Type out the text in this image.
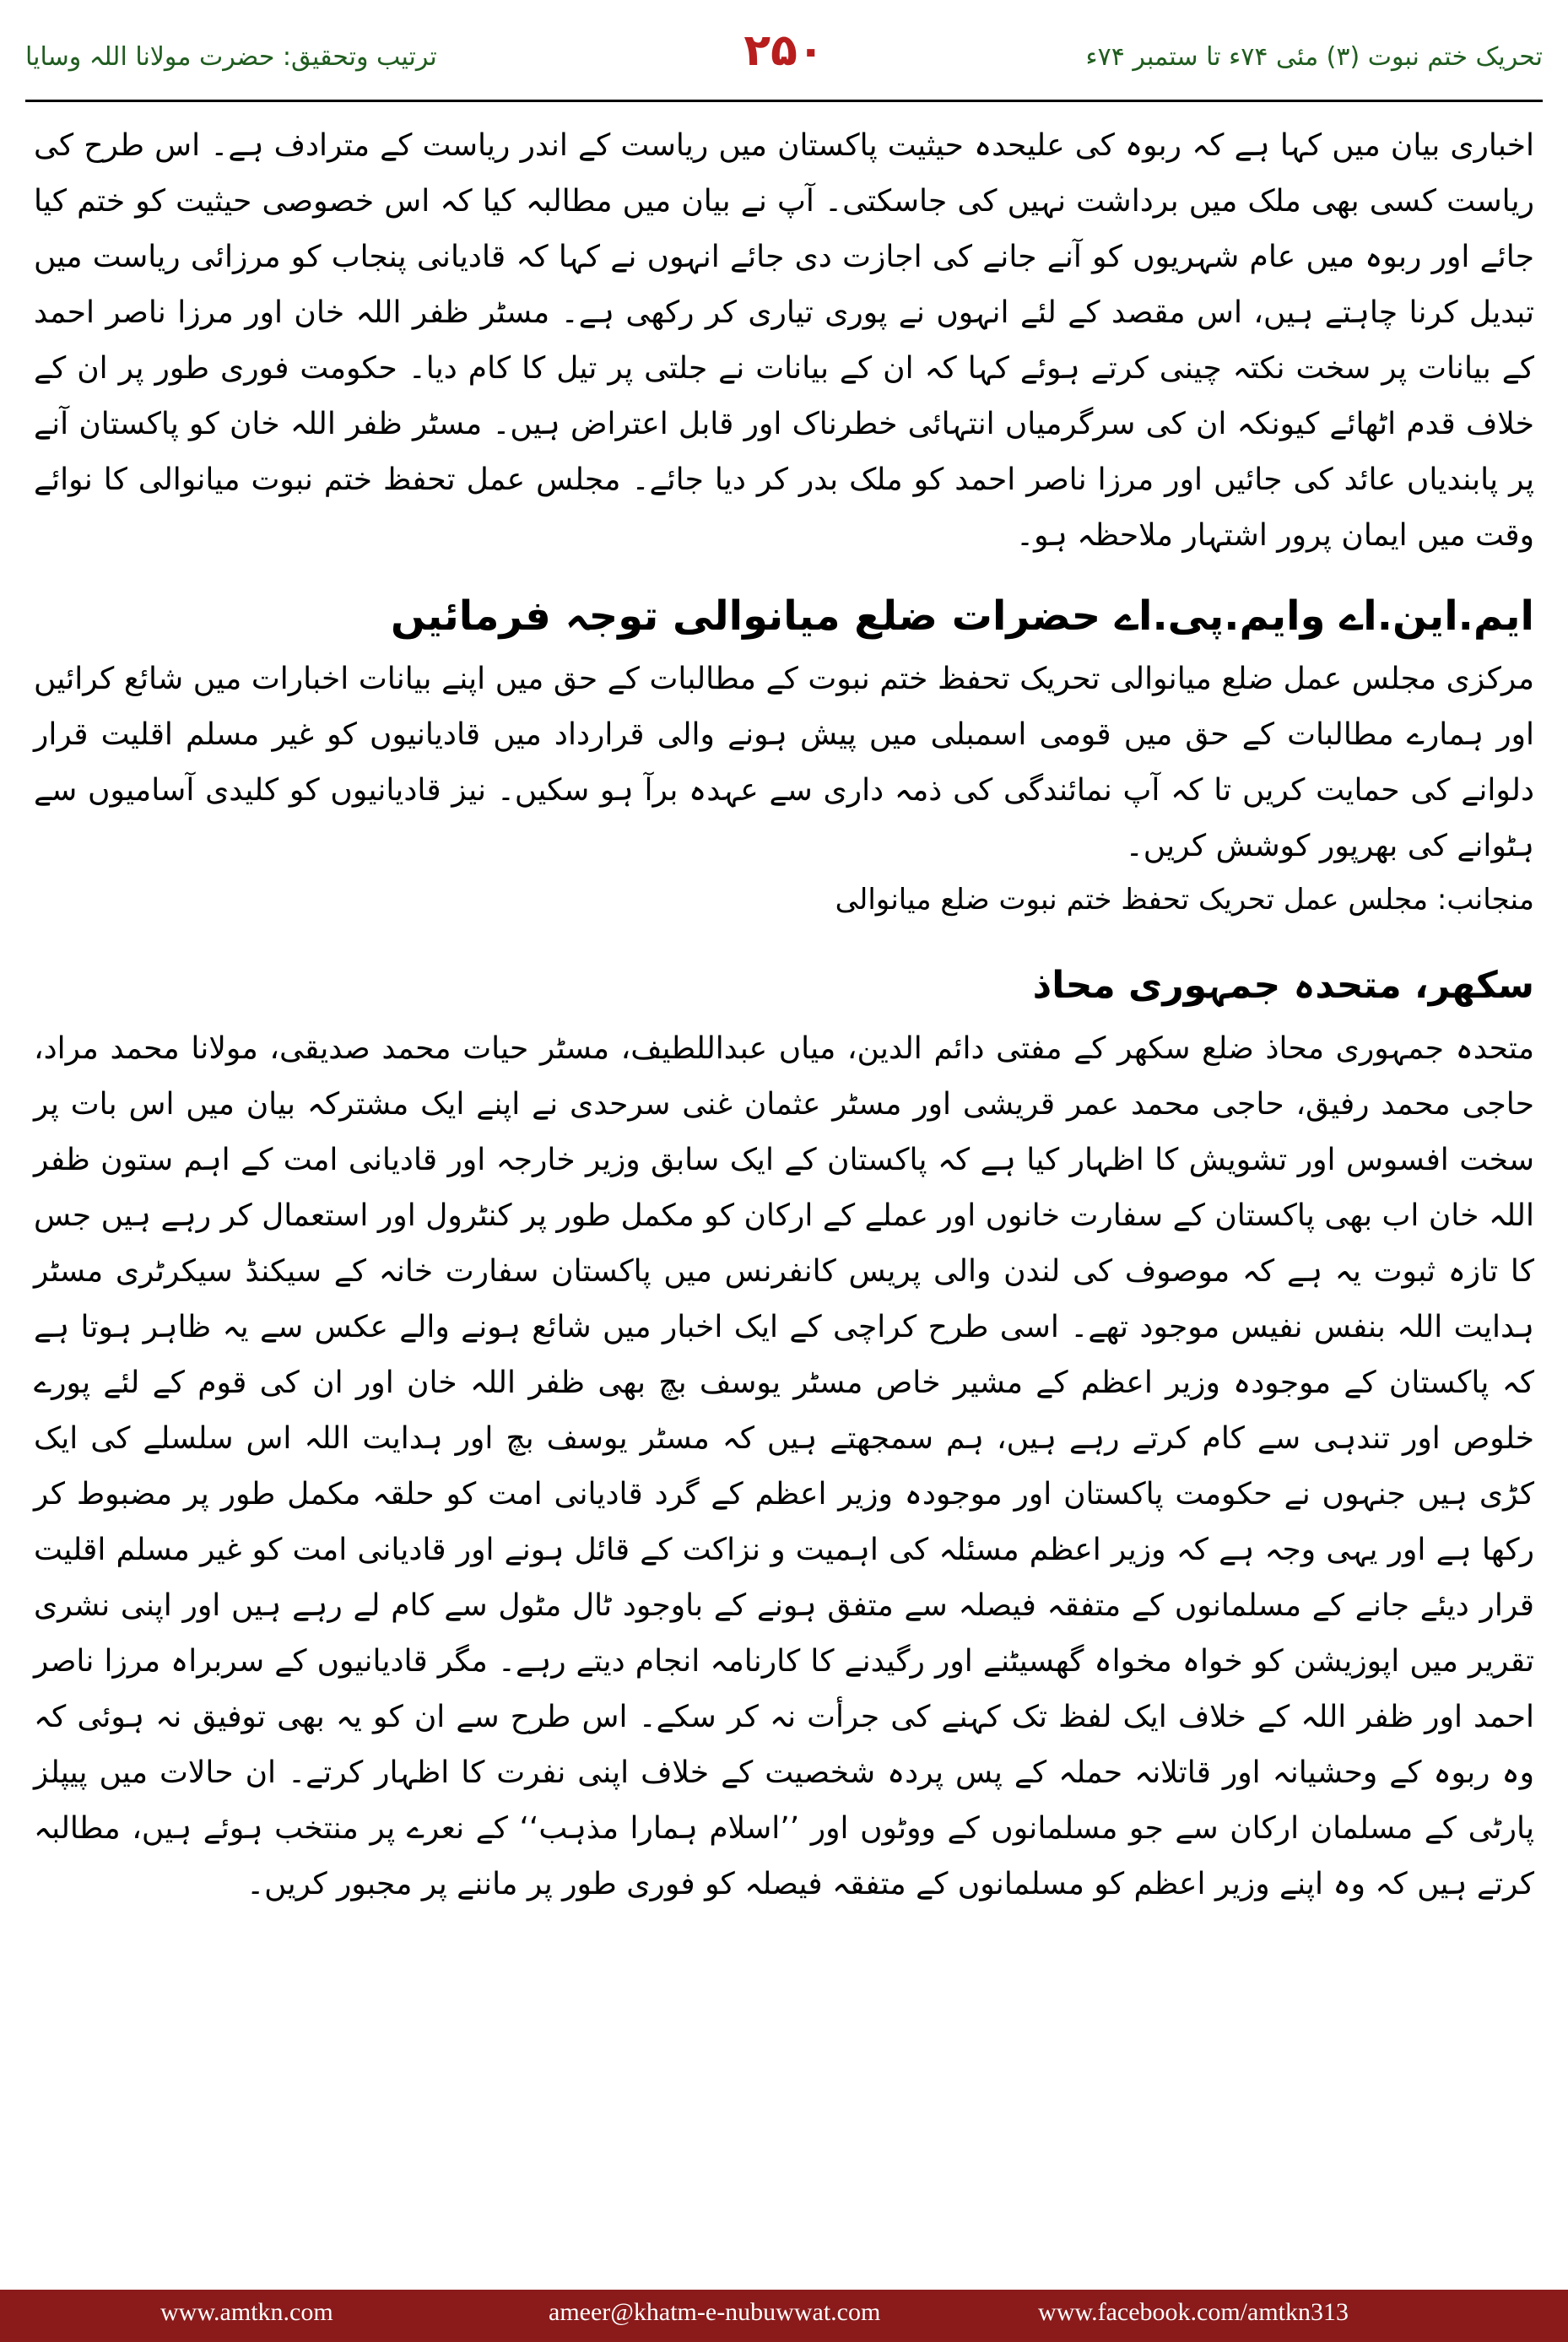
ترتیب وتحقیق: حضرت مولانا اللہ وسایا	۲۵۰	تحریک ختم نبوت (۳) مئی ۷۴ء تا ستمبر ۷۴ء

اخباری بیان میں کہا ہے کہ ربوہ کی علیحدہ حیثیت پاکستان میں ریاست کے اندر ریاست کے مترادف ہے۔ اس طرح کی ریاست کسی بھی ملک میں برداشت نہیں کی جاسکتی۔ آپ نے بیان میں مطالبہ کیا کہ اس خصوصی حیثیت کو ختم کیا جائے اور ربوہ میں عام شہریوں کو آنے جانے کی اجازت دی جائے انہوں نے کہا کہ قادیانی پنجاب کو مرزائی ریاست میں تبدیل کرنا چاہتے ہیں، اس مقصد کے لئے انہوں نے پوری تیاری کر رکھی ہے۔ مسٹر ظفر اللہ خان اور مرزا ناصر احمد کے بیانات پر سخت نکتہ چینی کرتے ہوئے کہا کہ ان کے بیانات نے جلتی پر تیل کا کام دیا۔ حکومت فوری طور پر ان کے خلاف قدم اٹھائے کیونکہ ان کی سرگرمیاں انتہائی خطرناک اور قابل اعتراض ہیں۔ مسٹر ظفر اللہ خان کو پاکستان آنے پر پابندیاں عائد کی جائیں اور مرزا ناصر احمد کو ملک بدر کر دیا جائے۔ مجلس عمل تحفظ ختم نبوت میانوالی کا نوائے وقت میں ایمان پرور اشتہار ملاحظہ ہو۔

ایم.این.اے وایم.پی.اے حضرات ضلع میانوالی توجہ فرمائیں

مرکزی مجلس عمل ضلع میانوالی تحریک تحفظ ختم نبوت کے مطالبات کے حق میں اپنے بیانات اخبارات میں شائع کرائیں اور ہمارے مطالبات کے حق میں قومی اسمبلی میں پیش ہونے والی قرارداد میں قادیانیوں کو غیر مسلم اقلیت قرار دلوانے کی حمایت کریں تا کہ آپ نمائندگی کی ذمہ داری سے عہدہ برآ ہو سکیں۔ نیز قادیانیوں کو کلیدی آسامیوں سے ہٹوانے کی بھرپور کوشش کریں۔

منجانب: مجلس عمل تحریک تحفظ ختم نبوت ضلع میانوالی

سکھر، متحدہ جمہوری محاذ

متحدہ جمہوری محاذ ضلع سکھر کے مفتی دائم الدین، میاں عبداللطیف، مسٹر حیات محمد صدیقی، مولانا محمد مراد، حاجی محمد رفیق، حاجی محمد عمر قریشی اور مسٹر عثمان غنی سرحدی نے اپنے ایک مشترکہ بیان میں اس بات پر سخت افسوس اور تشویش کا اظہار کیا ہے کہ پاکستان کے ایک سابق وزیر خارجہ اور قادیانی امت کے اہم ستون ظفر اللہ خان اب بھی پاکستان کے سفارت خانوں اور عملے کے ارکان کو مکمل طور پر کنٹرول اور استعمال کر رہے ہیں جس کا تازہ ثبوت یہ ہے کہ موصوف کی لندن والی پریس کانفرنس میں پاکستان سفارت خانہ کے سیکنڈ سیکرٹری مسٹر ہدایت اللہ بنفس نفیس موجود تھے۔ اسی طرح کراچی کے ایک اخبار میں شائع ہونے والے عکس سے یہ ظاہر ہوتا ہے کہ پاکستان کے موجودہ وزیر اعظم کے مشیر خاص مسٹر یوسف بچ بھی ظفر اللہ خان اور ان کی قوم کے لئے پورے خلوص اور تندہی سے کام کرتے رہے ہیں، ہم سمجھتے ہیں کہ مسٹر یوسف بچ اور ہدایت اللہ اس سلسلے کی ایک کڑی ہیں جنہوں نے حکومت پاکستان اور موجودہ وزیر اعظم کے گرد قادیانی امت کو حلقہ مکمل طور پر مضبوط کر رکھا ہے اور یہی وجہ ہے کہ وزیر اعظم مسئلہ کی اہمیت و نزاکت کے قائل ہونے اور قادیانی امت کو غیر مسلم اقلیت قرار دیئے جانے کے مسلمانوں کے متفقہ فیصلہ سے متفق ہونے کے باوجود ٹال مٹول سے کام لے رہے ہیں اور اپنی نشری تقریر میں اپوزیشن کو خواہ مخواہ گھسیٹنے اور رگیدنے کا کارنامہ انجام دیتے رہے۔ مگر قادیانیوں کے سربراہ مرزا ناصر احمد اور ظفر اللہ کے خلاف ایک لفظ تک کہنے کی جرأت نہ کر سکے۔ اس طرح سے ان کو یہ بھی توفیق نہ ہوئی کہ وہ ربوہ کے وحشیانہ اور قاتلانہ حملہ کے پس پردہ شخصیت کے خلاف اپنی نفرت کا اظہار کرتے۔ ان حالات میں پیپلز پارٹی کے مسلمان ارکان سے جو مسلمانوں کے ووٹوں اور ’’اسلام ہمارا مذہب‘‘ کے نعرے پر منتخب ہوئے ہیں، مطالبہ کرتے ہیں کہ وہ اپنے وزیر اعظم کو مسلمانوں کے متفقہ فیصلہ کو فوری طور پر ماننے پر مجبور کریں۔

www.amtkn.com	ameer@khatm-e-nubuwwat.com	www.facebook.com/amtkn313
